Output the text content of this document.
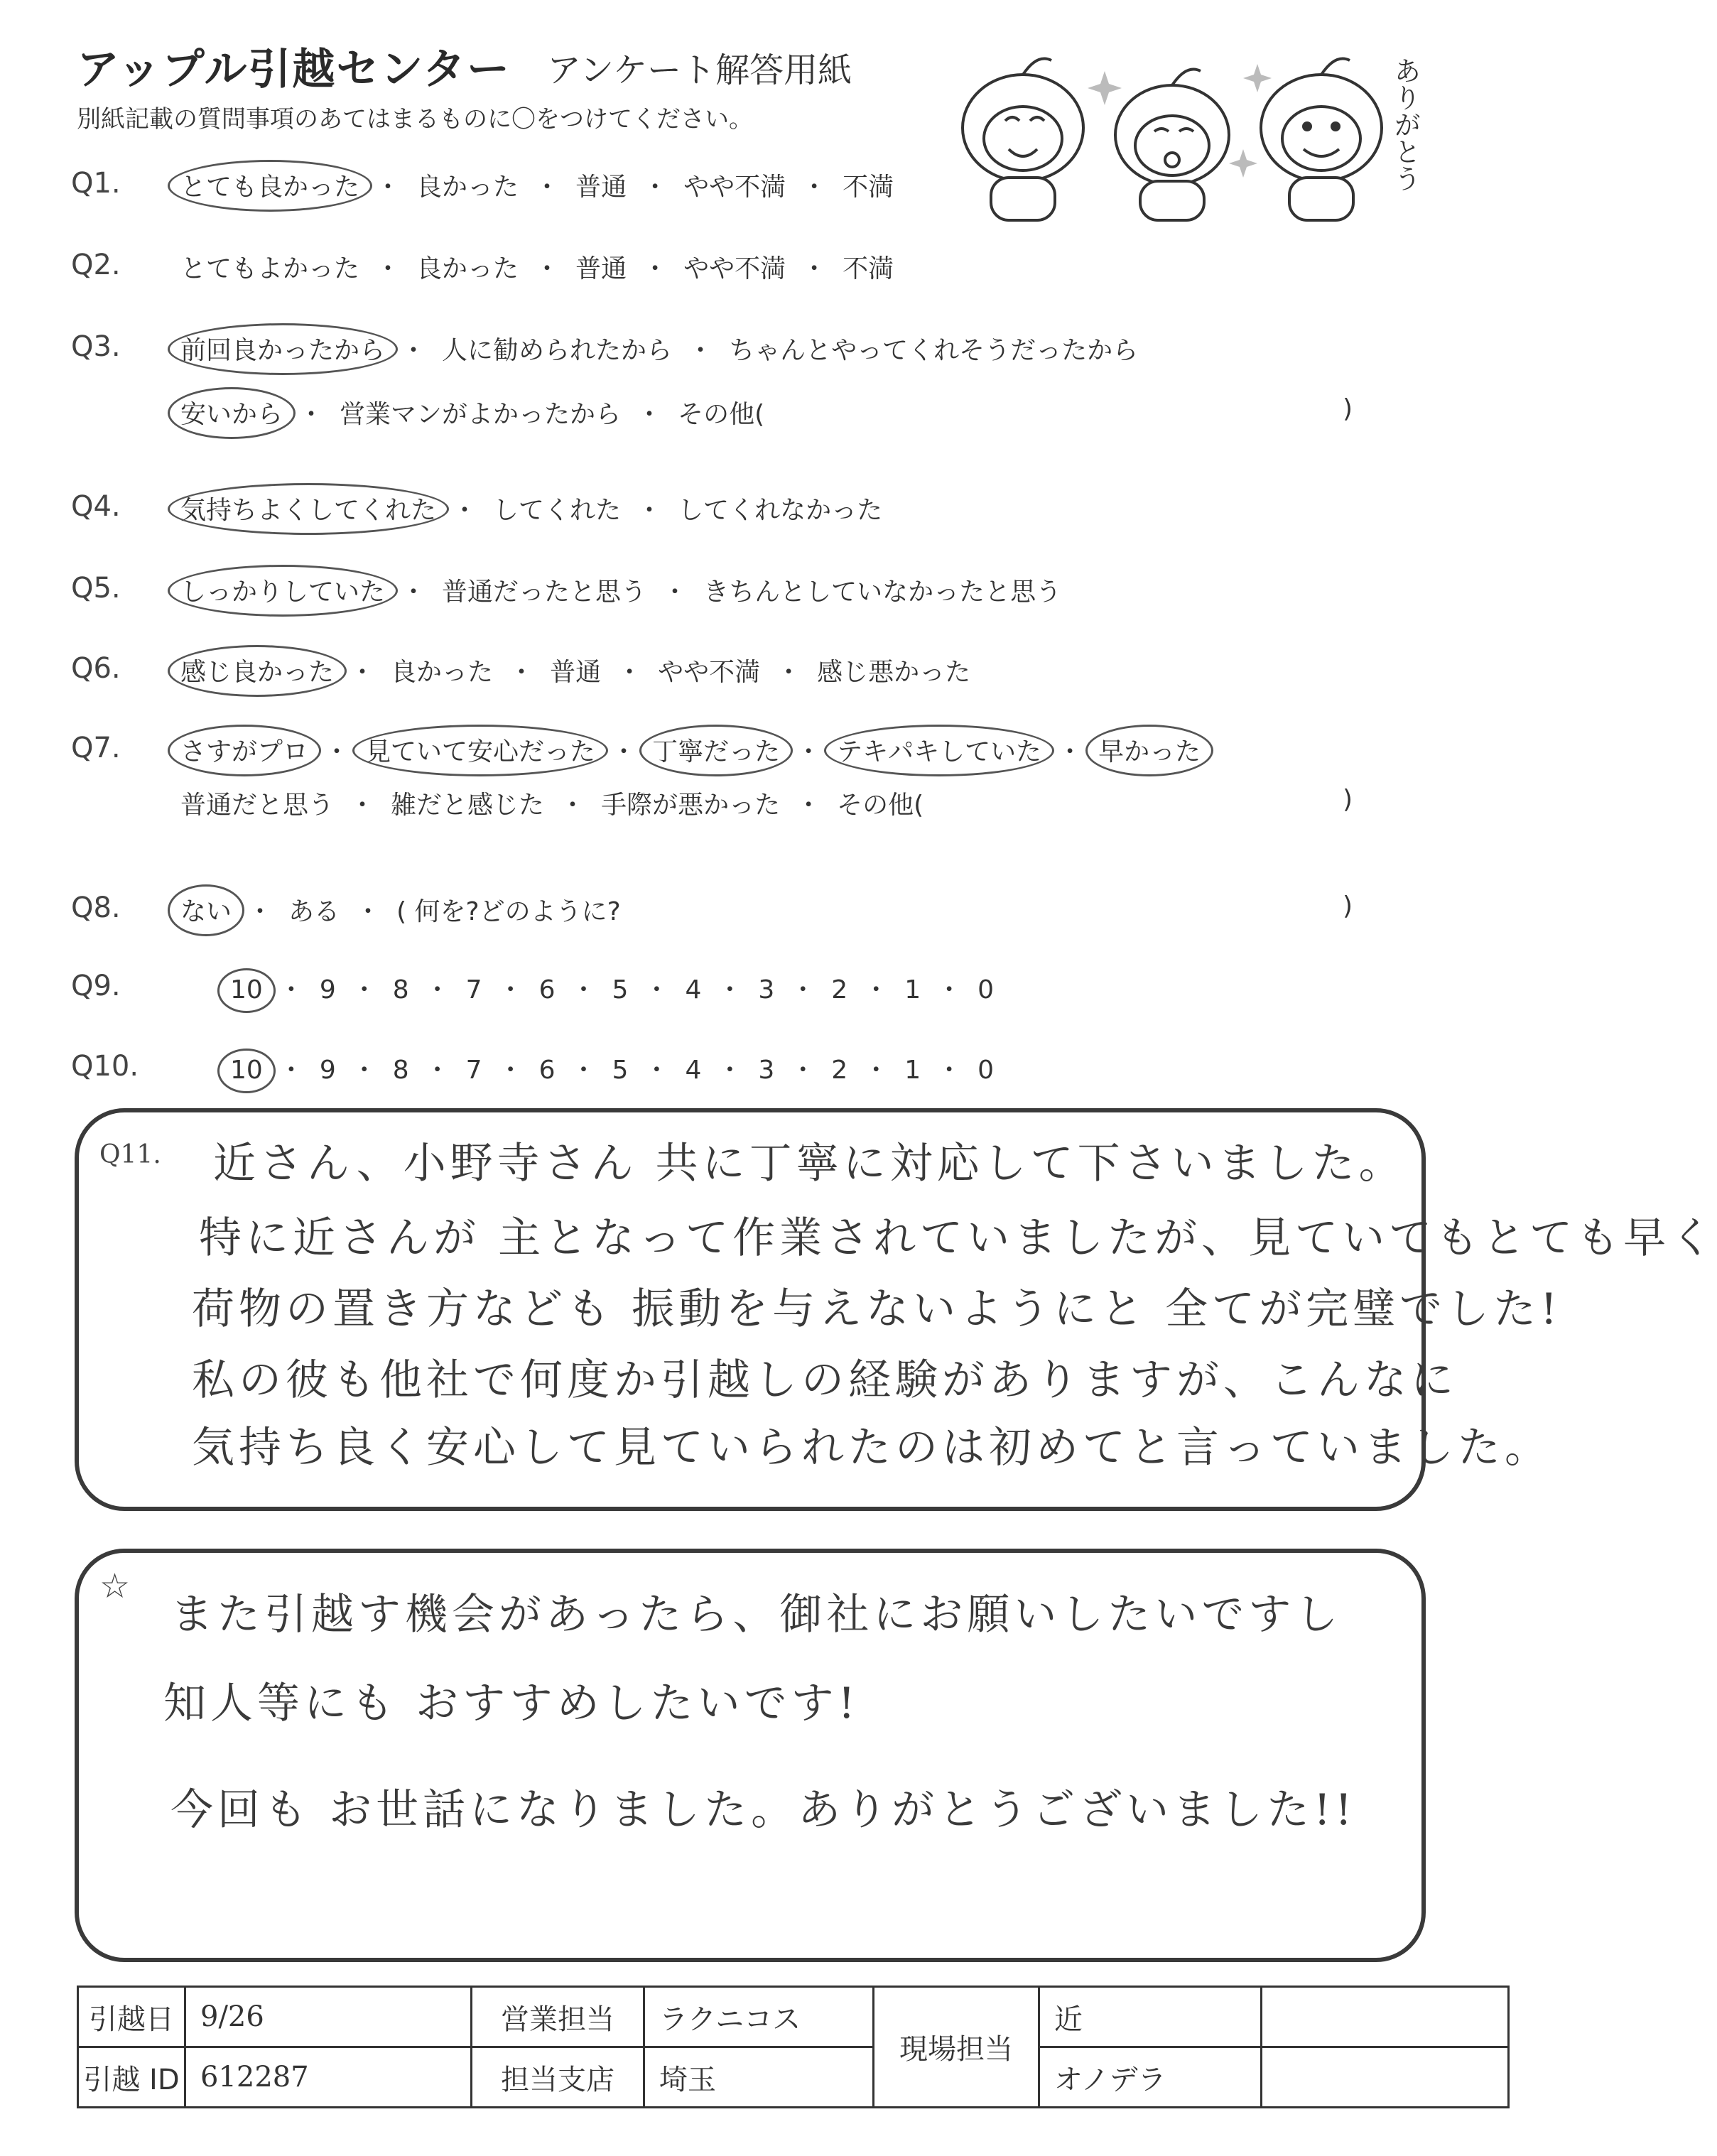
アップル引越センター アンケート解答用紙
別紙記載の質問事項のあてはまるものに〇をつけてください。	ありがとう
Q1. とても良かった ・ 良かった ・ 普通 ・ やや不満 ・ 不満
Q2. とてもよかった ・ 良かった ・ 普通 ・ やや不満 ・ 不満
Q3. 前回良かったから ・ 人に勧められたから ・ ちゃんとやってくれそうだったから
安いから ・ 営業マンがよかったから ・ その他(	)
Q4. 気持ちよくしてくれた ・ してくれた ・ してくれなかった
Q5. しっかりしていた ・ 普通だったと思う ・ きちんとしていなかったと思う
Q6. 感じ良かった ・ 良かった ・ 普通 ・ やや不満 ・ 感じ悪かった
Q7. さすがプロ ・ 見ていて安心だった ・ 丁寧だった ・ テキパキしていた ・ 早かった
普通だと思う ・ 雑だと感じた ・ 手際が悪かった ・ その他(	)
Q8. ない ・ ある ・ ( 何を?どのように?	)
Q9.	10 ・ 9 ・ 8 ・ 7 ・ 6 ・ 5 ・ 4 ・ 3 ・ 2 ・ 1 ・ 0
Q10.	10 ・ 9 ・ 8 ・ 7 ・ 6 ・ 5 ・ 4 ・ 3 ・ 2 ・ 1 ・ 0
Q11. 近さん、小野寺さん 共に丁寧に対応して下さいました。
特に近さんが 主となって作業されていましたが、見ていてもとても早く
荷物の置き方なども 振動を与えないようにと 全てが完璧でした!
私の彼も他社で何度か引越しの経験がありますが、こんなに
気持ち良く安心して見ていられたのは初めてと言っていました。
☆
また引越す機会があったら、御社にお願いしたいですし
知人等にも おすすめしたいです!
今回も お世話になりました。ありがとうございました!!
引越日	9/26	営業担当	ラクニコス	現場担当	近	
引越 ID	612287	担当支店	埼玉		オノデラ	
